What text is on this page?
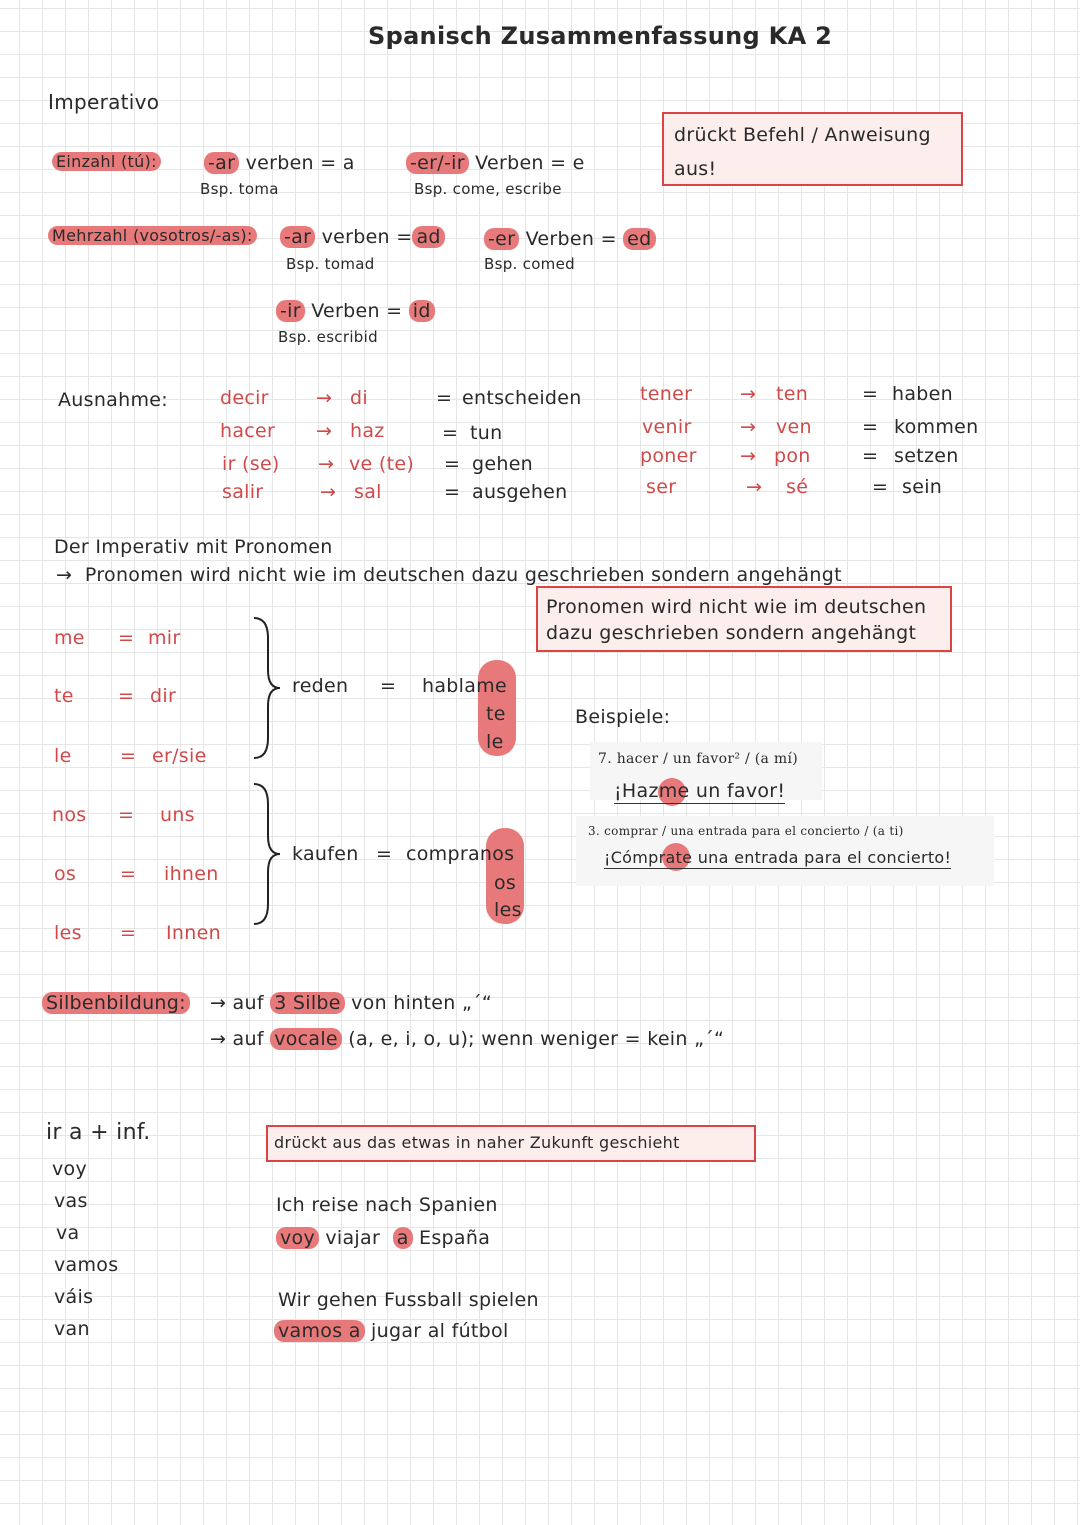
Spanisch Zusammenfassung KA 2
Imperativo
drückt Befehl / Anweisung
aus!
Einzahl (tú):	-ar verben = a
Bsp. toma
-er/-ir Verben = e
Bsp. come, escribe
Mehrzahl (vosotros/-as): -ar verben = ad
Bsp. tomad
-er Verben = ed
Bsp. comed
-ir Verben = id
Bsp. escribid
Ausnahme:	decir
hacer
ir (se)
salir
→
→
→
→
di
haz
ve (te)
sal
=
=
=
=
entscheiden
tun
gehen
ausgehen
tener
venir
poner
ser
→
→
→
→
ten
ven
pon
sé
=
=
=
=
haben
kommen
setzen
sein
Der Imperativ mit Pronomen
→  Pronomen wird nicht wie im deutschen dazu geschrieben sondern angehängt
Pronomen wird nicht wie im deutschen
dazu geschrieben sondern angehängt
me
te
le
nos
os
les
=
=
=
=
=
=
mir
dir
er/sie
uns
ihnen
Innen
reden = hablame
te
le
kaufen = compranos
os
les
Beispiele:
7. hacer / un favor² / (a mí)
¡Hazme un favor!
3. comprar / una entrada para el concierto / (a ti)
¡Cómprate una entrada para el concierto!
Silbenbildung: → auf 3 Silbe von hinten „´“
→ auf vocale (a, e, i, o, u); wenn weniger = kein „´“
ir a + inf.
voy
vas
va
vamos
váis
van
drückt aus das etwas in naher Zukunft geschieht
Ich reise nach Spanien
voy viajar a España
Wir gehen Fussball spielen
vamos a jugar al fútbol
